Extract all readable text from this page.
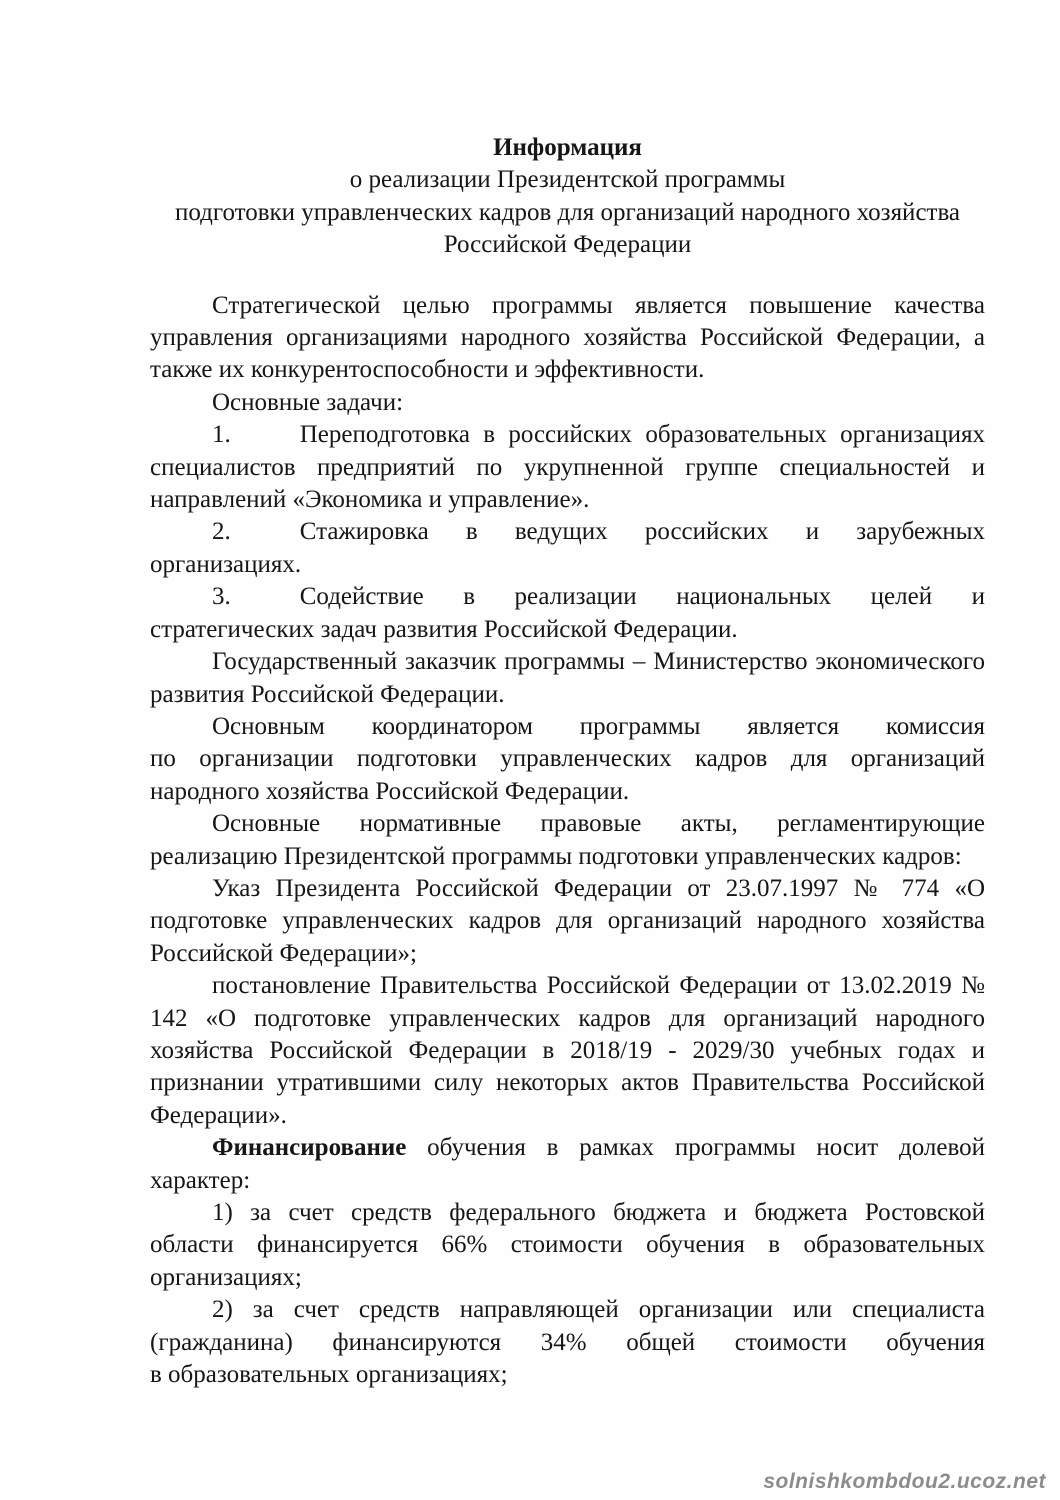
Информация

о реализации Президентской программы

подготовки управленческих кадров для организаций народного хозяйства

Российской Федерации

Стратегической целью программы является повышение качества управления организациями народного хозяйства Российской Федерации, а также их конкурентоспособности и эффективности.

Основные задачи:

1.	Переподготовка в российских образовательных организациях специалистов предприятий по укрупненной группе специальностей и направлений «Экономика и управление».

2.	Стажировка в ведущих российских и зарубежных организациях.

3.	Содействие в реализации национальных целей и стратегических задач развития Российской Федерации.

Государственный заказчик программы – Министерство экономического развития Российской Федерации.

Основным координатором программы является комиссия по организации подготовки управленческих кадров для организаций народного хозяйства Российской Федерации.

Основные нормативные правовые акты, регламентирующие реализацию Президентской программы подготовки управленческих кадров:

Указ Президента Российской Федерации от 23.07.1997 № 774 «О подготовке управленческих кадров для организаций народного хозяйства Российской Федерации»;

постановление Правительства Российской Федерации от 13.02.2019 № 142 «О подготовке управленческих кадров для организаций народного хозяйства Российской Федерации в 2018/19 - 2029/30 учебных годах и признании утратившими силу некоторых актов Правительства Российской Федерации».

Финансирование обучения в рамках программы носит долевой характер:

1) за счет средств федерального бюджета и бюджета Ростовской области финансируется 66% стоимости обучения в образовательных организациях;

2) за счет средств направляющей организации или специалиста (гражданина) финансируются 34% общей стоимости обучения в образовательных организациях;

solnishkombdou2.ucoz.net
